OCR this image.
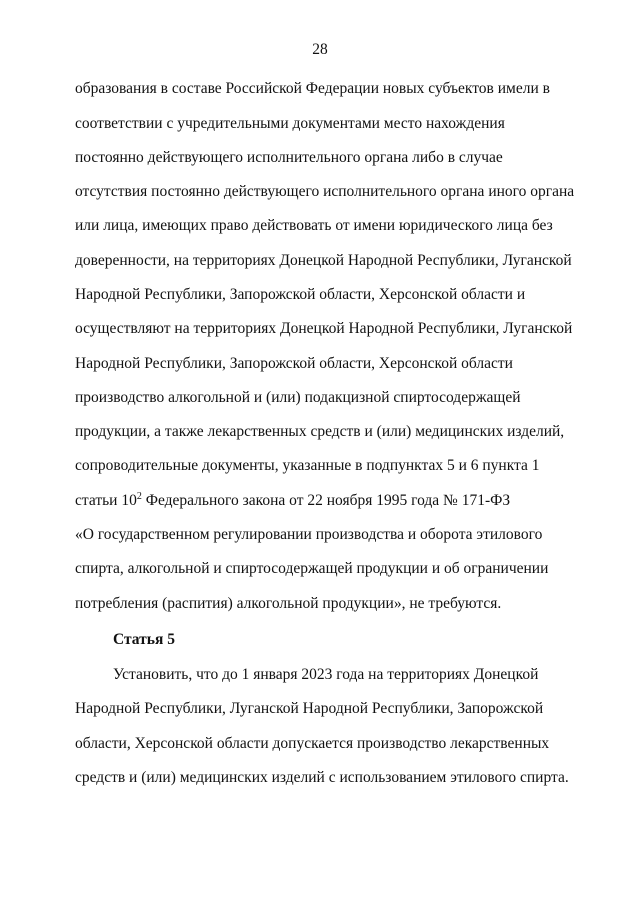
28
образования в составе Российской Федерации новых субъектов имели в
соответствии с учредительными документами место нахождения
постоянно действующего исполнительного органа либо в случае
отсутствия постоянно действующего исполнительного органа иного органа
или лица, имеющих право действовать от имени юридического лица без
доверенности, на территориях Донецкой Народной Республики, Луганской
Народной Республики, Запорожской области, Херсонской области и
осуществляют на территориях Донецкой Народной Республики, Луганской
Народной Республики, Запорожской области, Херсонской области
производство алкогольной и (или) подакцизной спиртосодержащей
продукции, а также лекарственных средств и (или) медицинских изделий,
сопроводительные документы, указанные в подпунктах 5 и 6 пункта 1
статьи $10^2$ Федерального закона от 22 ноября 1995 года № 171-ФЗ
«О государственном регулировании производства и оборота этилового
спирта, алкогольной и спиртосодержащей продукции и об ограничении
потребления (распития) алкогольной продукции», не требуются.
Статья 5
Установить, что до 1 января 2023 года на территориях Донецкой
Народной Республики, Луганской Народной Республики, Запорожской
области, Херсонской области допускается производство лекарственных
средств и (или) медицинских изделий с использованием этилового спирта.
